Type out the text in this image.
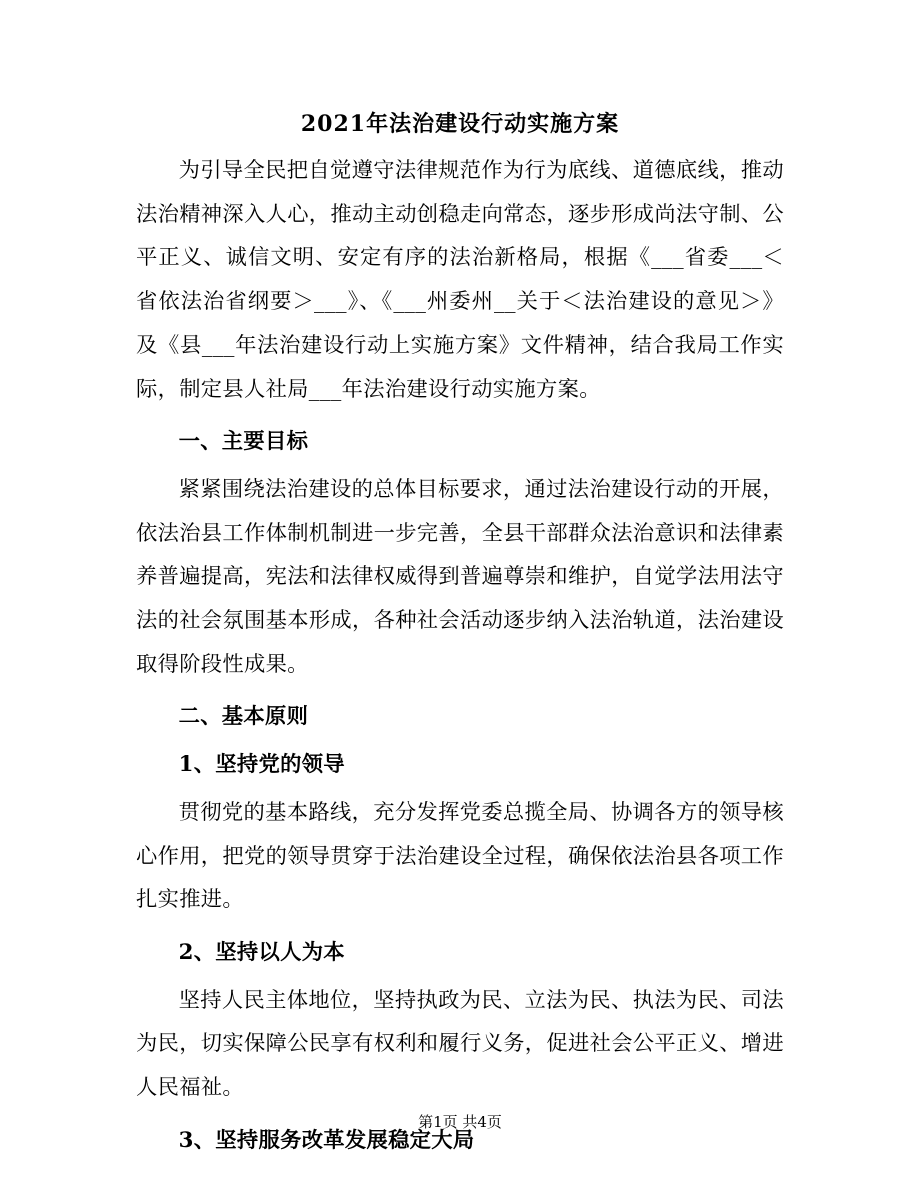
2021年法治建设行动实施方案

为引导全民把自觉遵守法律规范作为行为底线、道德底线，推动法治精神深入人心，推动主动创稳走向常态，逐步形成尚法守制、公平正义、诚信文明、安定有序的法治新格局，根据《___省委___＜省依法治省纲要＞___》、《___州委州__关于＜法治建设的意见＞》及《县___年法治建设行动上实施方案》文件精神，结合我局工作实际，制定县人社局___年法治建设行动实施方案。

一、主要目标

紧紧围绕法治建设的总体目标要求，通过法治建设行动的开展，依法治县工作体制机制进一步完善，全县干部群众法治意识和法律素养普遍提高，宪法和法律权威得到普遍尊崇和维护，自觉学法用法守法的社会氛围基本形成，各种社会活动逐步纳入法治轨道，法治建设取得阶段性成果。

二、基本原则

1、坚持党的领导

贯彻党的基本路线，充分发挥党委总揽全局、协调各方的领导核心作用，把党的领导贯穿于法治建设全过程，确保依法治县各项工作扎实推进。

2、坚持以人为本

坚持人民主体地位，坚持执政为民、立法为民、执法为民、司法为民，切实保障公民享有权利和履行义务，促进社会公平正义、增进人民福祉。

3、坚持服务改革发展稳定大局

第1页 共4页
